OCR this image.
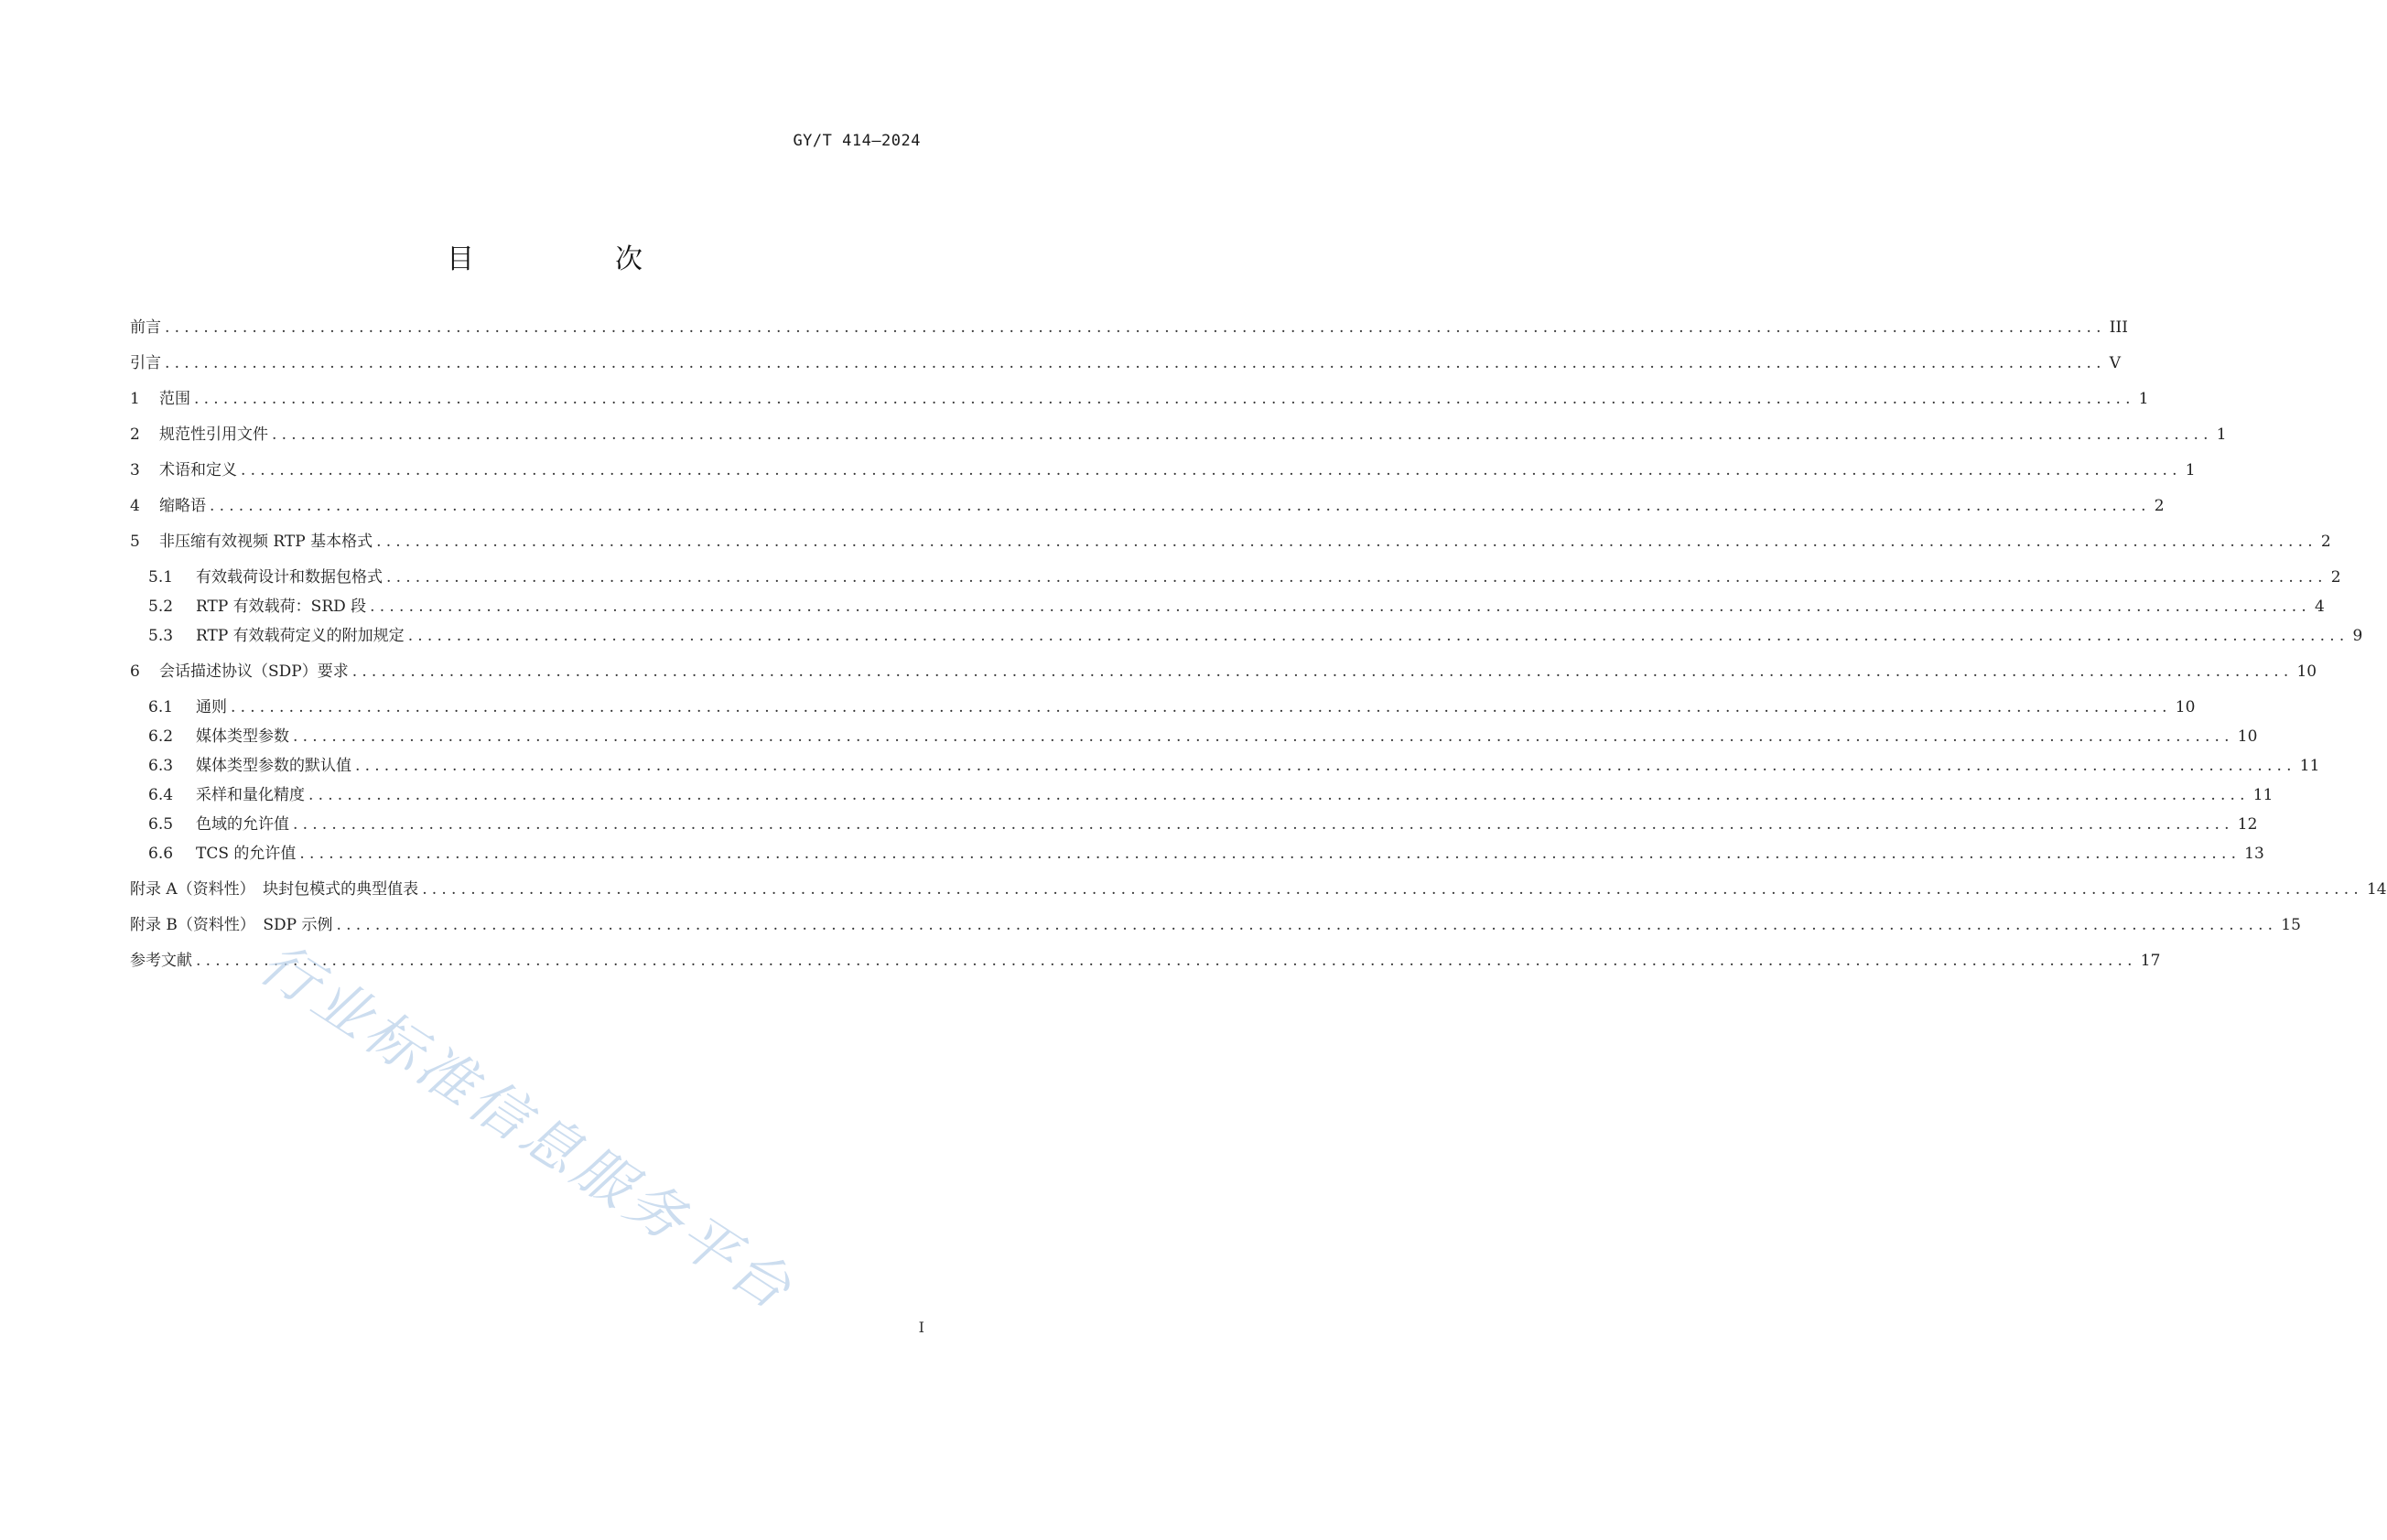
GY/T 414—2024
目　次
前言 ........................................................................................................................................................................................................ III
引言 ........................................................................................................................................................................................................ V
1	范围 ........................................................................................................................................................................................................ 1
2	规范性引用文件 ........................................................................................................................................................................................................ 1
3	术语和定义 ........................................................................................................................................................................................................ 1
4	缩略语 ........................................................................................................................................................................................................ 2
5	非压缩有效视频 RTP 基本格式 ........................................................................................................................................................................................................ 2
5.1	有效载荷设计和数据包格式 ........................................................................................................................................................................................................ 2
5.2	RTP 有效载荷：SRD 段 ........................................................................................................................................................................................................ 4
5.3	RTP 有效载荷定义的附加规定 ........................................................................................................................................................................................................ 9
6	会话描述协议（SDP）要求 ........................................................................................................................................................................................................ 10
6.1	通则 ........................................................................................................................................................................................................ 10
6.2	媒体类型参数 ........................................................................................................................................................................................................ 10
6.3	媒体类型参数的默认值 ........................................................................................................................................................................................................ 11
6.4	采样和量化精度 ........................................................................................................................................................................................................ 11
6.5	色域的允许值 ........................................................................................................................................................................................................ 12
6.6	TCS 的允许值 ........................................................................................................................................................................................................ 13
附录 A（资料性）　块封包模式的典型值表 ........................................................................................................................................................................................................ 14
附录 B（资料性）　SDP 示例 ........................................................................................................................................................................................................ 15
参考文献 ........................................................................................................................................................................................................ 17
行业标准信息服务平台
I
